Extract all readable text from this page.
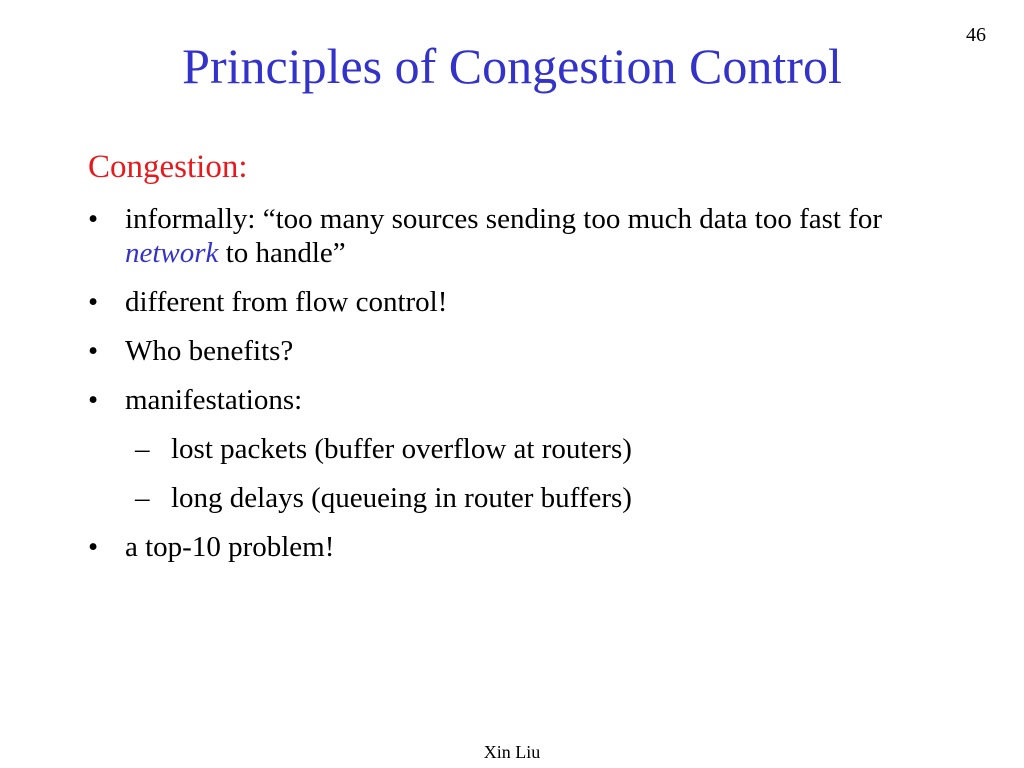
46
Principles of Congestion Control
Congestion:
• informally: “too many sources sending too much data too fast for network to handle”
• different from flow control!
• Who benefits?
• manifestations:
– lost packets (buffer overflow at routers)
– long delays (queueing in router buffers)
• a top-10 problem!
Xin Liu
